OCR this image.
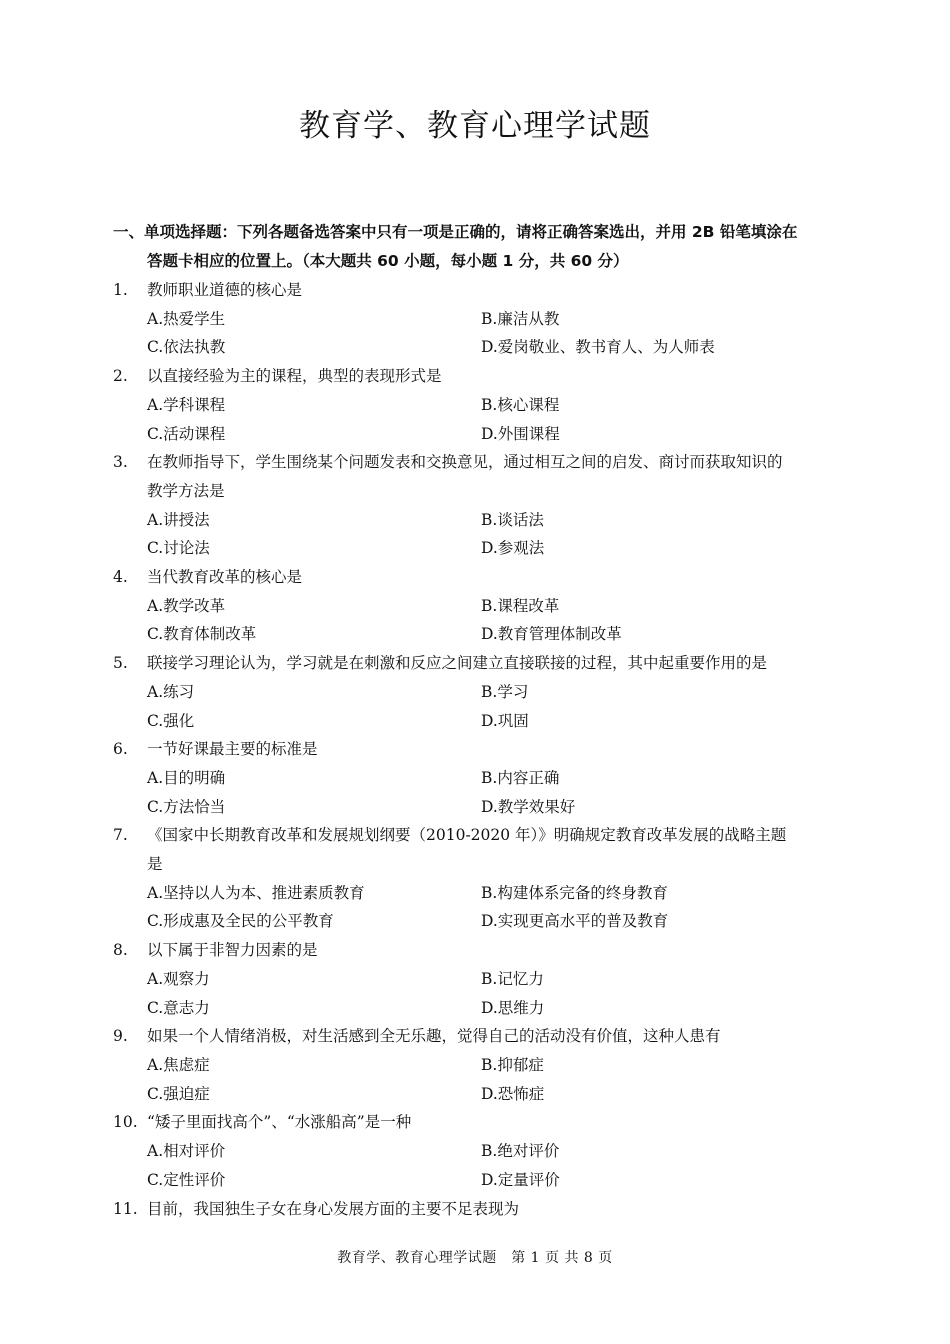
教育学、教育心理学试题
一、单项选择题：下列各题备选答案中只有一项是正确的，请将正确答案选出，并用 2B 铅笔填涂在
答题卡相应的位置上。（本大题共 60 小题，每小题 1 分，共 60 分）
1.	教师职业道德的核心是
A.热爱学生	B.廉洁从教
C.依法执教	D.爱岗敬业、教书育人、为人师表
2.	以直接经验为主的课程，典型的表现形式是
A.学科课程	B.核心课程
C.活动课程	D.外围课程
3.	在教师指导下，学生围绕某个问题发表和交换意见，通过相互之间的启发、商讨而获取知识的
教学方法是
A.讲授法	B.谈话法
C.讨论法	D.参观法
4.	当代教育改革的核心是
A.教学改革	B.课程改革
C.教育体制改革	D.教育管理体制改革
5.	联接学习理论认为，学习就是在刺激和反应之间建立直接联接的过程，其中起重要作用的是
A.练习	B.学习
C.强化	D.巩固
6.	一节好课最主要的标准是
A.目的明确	B.内容正确
C.方法恰当	D.教学效果好
7.	《国家中长期教育改革和发展规划纲要（2010-2020 年）》明确规定教育改革发展的战略主题
是
A.坚持以人为本、推进素质教育	B.构建体系完备的终身教育
C.形成惠及全民的公平教育	D.实现更高水平的普及教育
8.	以下属于非智力因素的是
A.观察力	B.记忆力
C.意志力	D.思维力
9.	如果一个人情绪消极，对生活感到全无乐趣，觉得自己的活动没有价值，这种人患有
A.焦虑症	B.抑郁症
C.强迫症	D.恐怖症
10. “矮子里面找高个”、“水涨船高”是一种
A.相对评价	B.绝对评价
C.定性评价	D.定量评价
11. 目前，我国独生子女在身心发展方面的主要不足表现为
教育学、教育心理学试题　第 1 页 共 8 页
